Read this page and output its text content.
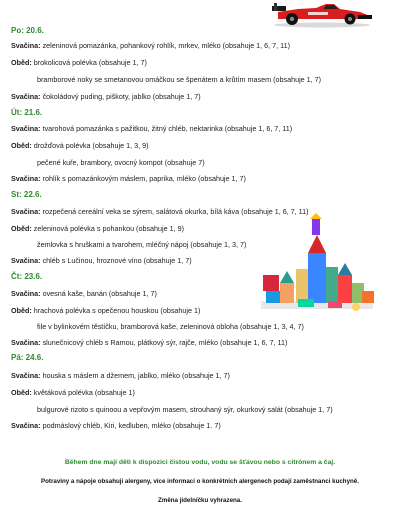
Po: 20.6.
Svačina: zeleninová pomazánka, pohankový rohlík, mrkev, mléko (obsahuje 1, 6, 7, 11)
Oběd: brokolicová polévka (obsahuje 1, 7)
bramborové noky se smetanovou omáčkou se špenátem a krůtím masem (obsahuje 1, 7)
Svačina: čokoládový puding, piškoty, jablko (obsahuje 1, 7)
Út: 21.6.
Svačina: tvarohová pomazánka s pažitkou, žitný chléb, nektarinka (obsahuje 1, 6, 7, 11)
Oběd: drožďová polévka (obsahuje 1, 3, 9)
pečené kuře, brambory, ovocný kompot (obsahuje 7)
Svačina: rohlík s pomazánkovým máslem, paprika, mléko (obsahuje 1, 7)
St: 22.6.
Svačina: rozpečená cereální veka se sýrem, salátová okurka, bílá káva (obsahuje 1, 6, 7, 11)
Oběd: zeleninová polévka s pohankou (obsahuje 1, 9)
žemlovka s hruškami a tvarohem, mléčný nápoj (obsahuje 1, 3, 7)
Svačina: chléb s Lučinou, hroznové víno (obsahuje 1, 7)
Čt: 23.6.
Svačina: ovesná kaše, banán (obsahuje 1, 7)
Oběd: hrachová polévka s opečenou houskou (obsahuje 1)
file v bylinkovém těstíčku, bramborová kaše, zeleninová obloha (obsahuje 1, 3, 4, 7)
Svačina: slunečnicový chléb s Ramou, plátkový sýr, rajče, mléko (obsahuje 1, 6, 7, 11)
Pá: 24.6.
Svačina: houska s máslem a džemem, jablko, mléko (obsahuje 1, 7)
Oběd: květáková polévka (obsahuje 1)
bulgurové rizoto s quinoou a vepřovým masem, strouhaný sýr, okurkový salát (obsahuje 1, 7)
Svačina: podmáslový chléb, Kiri, kedluben, mléko (obsahuje 1. 7)
Během dne mají děti k dispozici čistou vodu, vodu se šťávou nebo s citrónem a čaj.
Potraviny a nápoje obsahují alergeny, více informací o konkrétních alergenech podají zaměstnanci kuchyně.
Změna jídelníčku vyhrazena.
